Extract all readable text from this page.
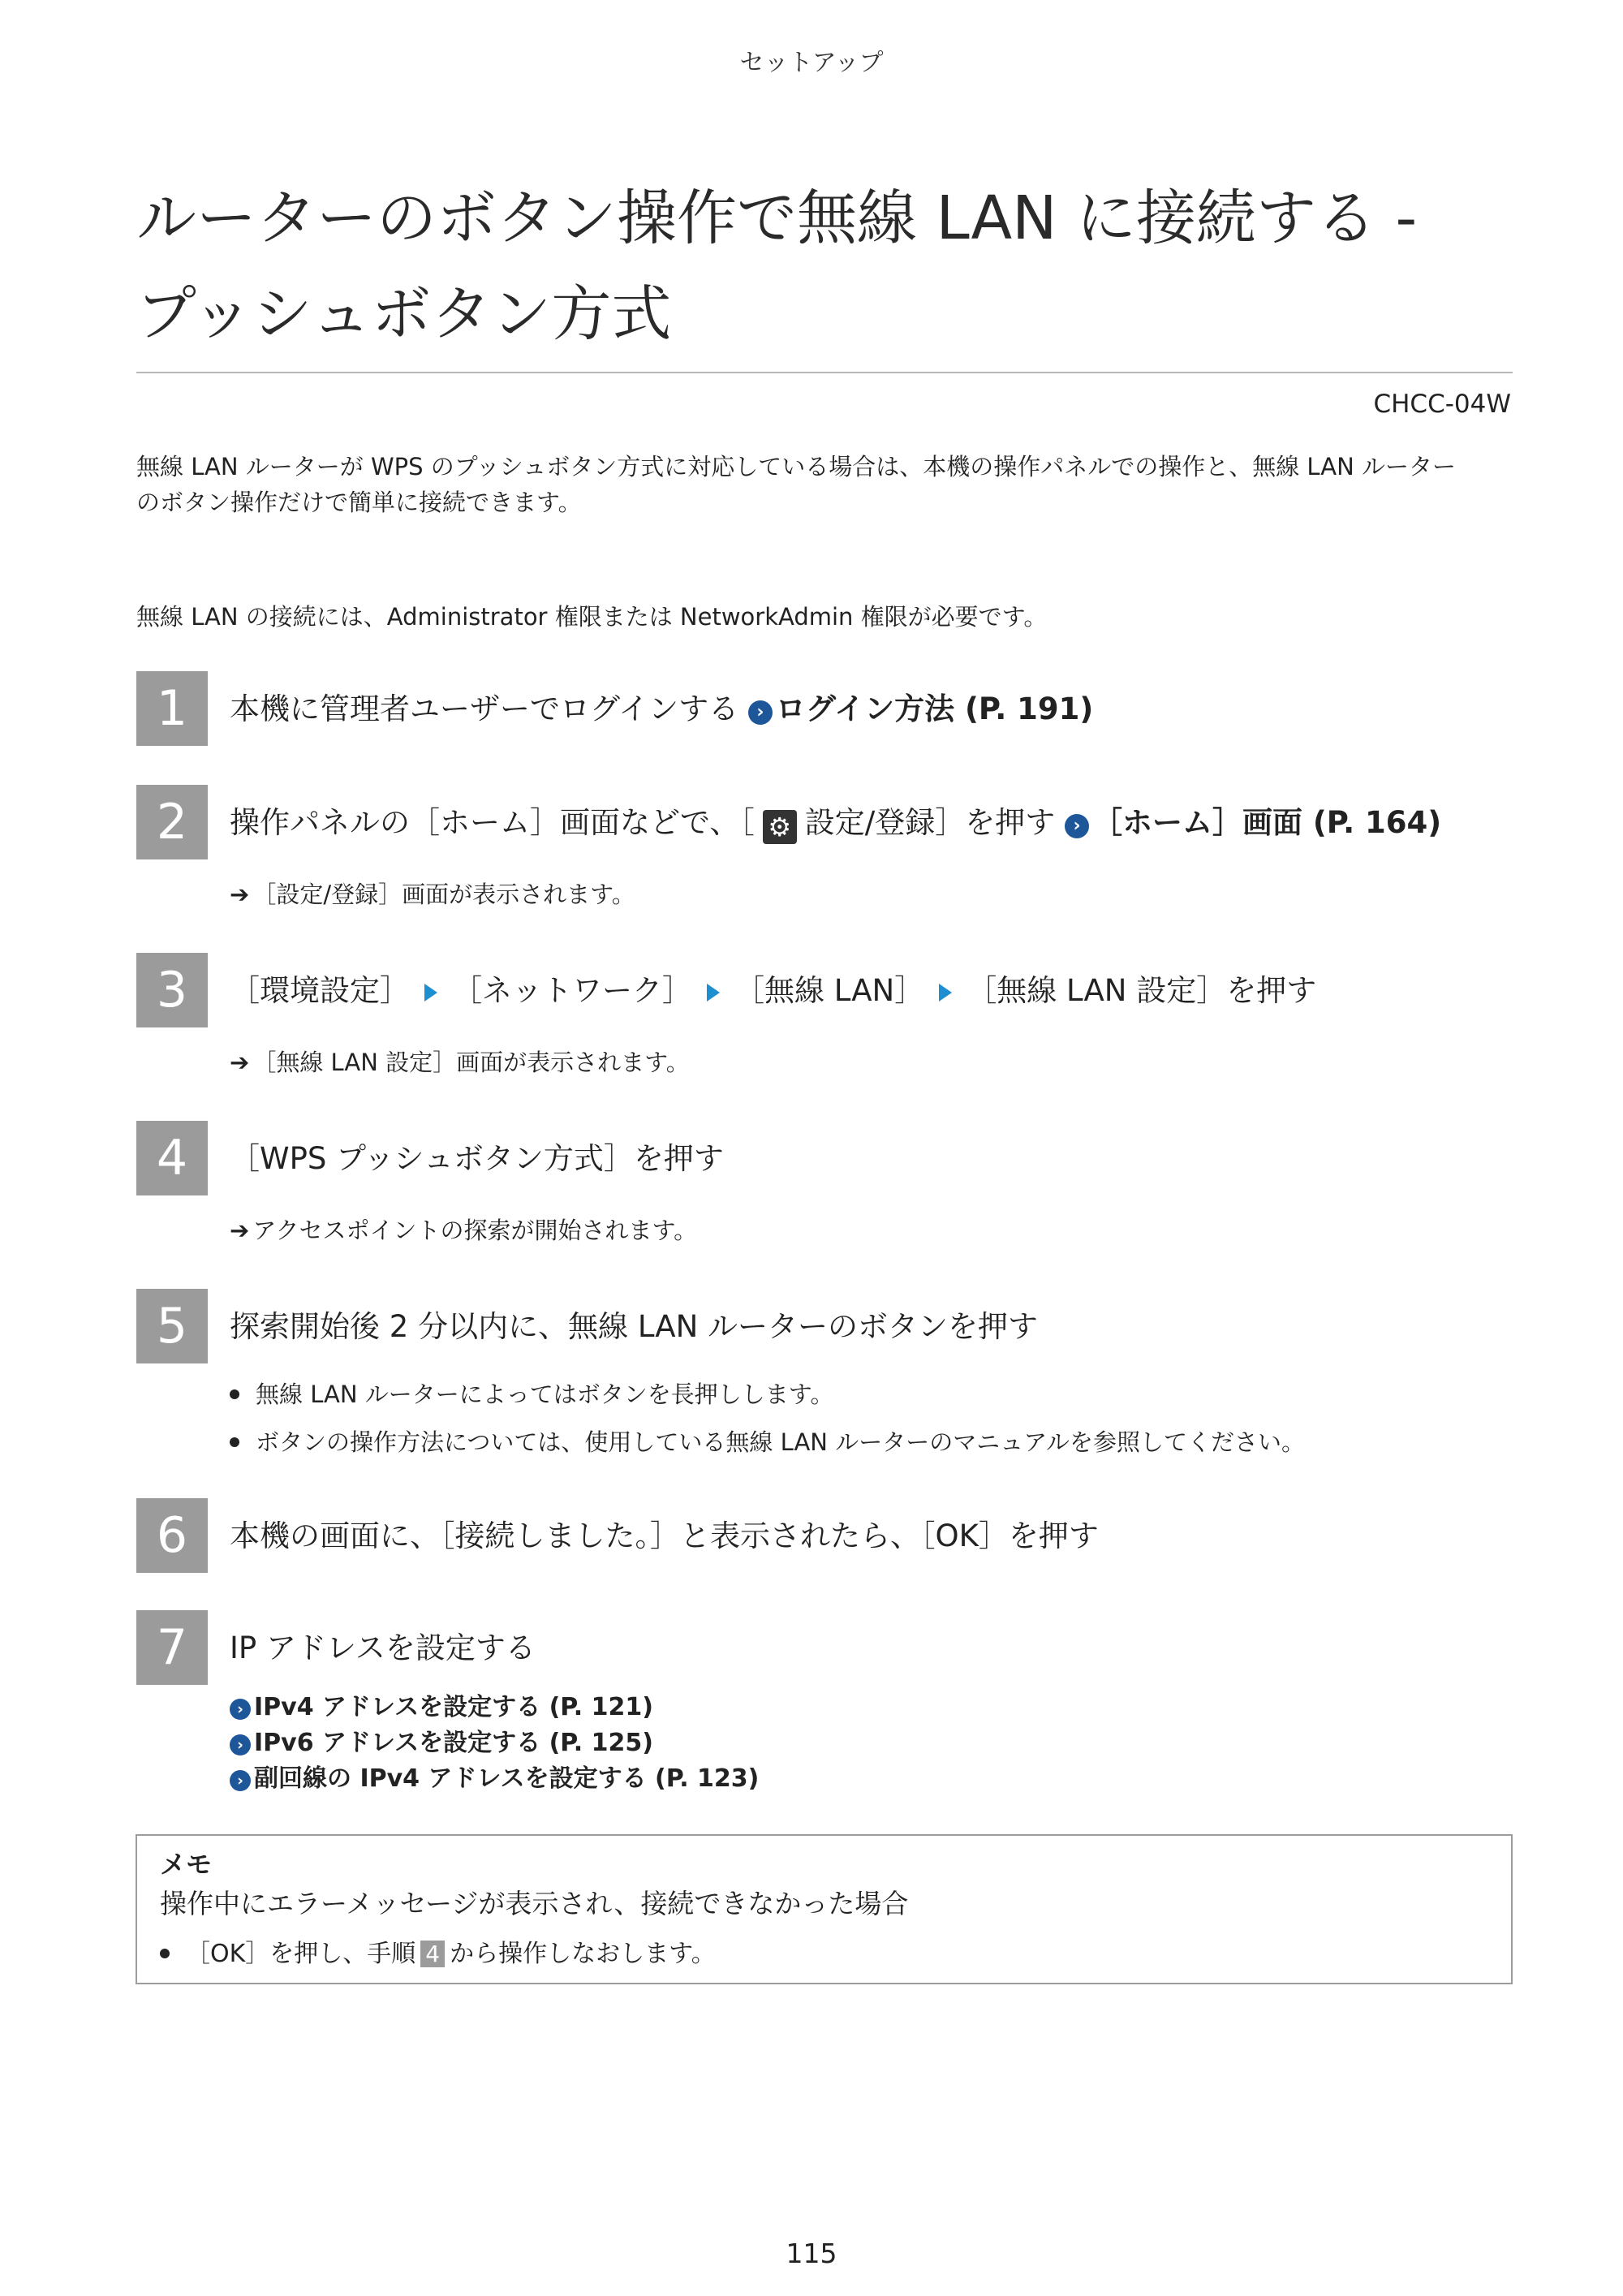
セットアップ
ルーターのボタン操作で無線 LAN に接続する -
プッシュボタン方式
CHCC-04W
無線 LAN ルーターが WPS のプッシュボタン方式に対応している場合は、本機の操作パネルでの操作と、無線 LAN ルーター
のボタン操作だけで簡単に接続できます。
無線 LAN の接続には、Administrator 権限または NetworkAdmin 権限が必要です。
1	本機に管理者ユーザーでログインする › ログイン方法 (P. 191)
2	操作パネルの［ホーム］画面などで、［ ⚙ 設定/登録］を押す › ［ホーム］画面 (P. 164)
➔ ［設定/登録］画面が表示されます。
3	［環境設定］ ［ネットワーク］ ［無線 LAN］ ［無線 LAN 設定］を押す
➔ ［無線 LAN 設定］画面が表示されます。
4	［WPS プッシュボタン方式］を押す
➔ アクセスポイントの探索が開始されます。
5	探索開始後 2 分以内に、無線 LAN ルーターのボタンを押す
無線 LAN ルーターによってはボタンを長押しします。
ボタンの操作方法については、使用している無線 LAN ルーターのマニュアルを参照してください。
6	本機の画面に、［接続しました。］と表示されたら、［OK］を押す
7	IP アドレスを設定する
› IPv4 アドレスを設定する (P. 121)
› IPv6 アドレスを設定する (P. 125)
› 副回線の IPv4 アドレスを設定する (P. 123)
メモ
操作中にエラーメッセージが表示され、接続できなかった場合
［OK］を押し、手順 4 から操作しなおします。
115
